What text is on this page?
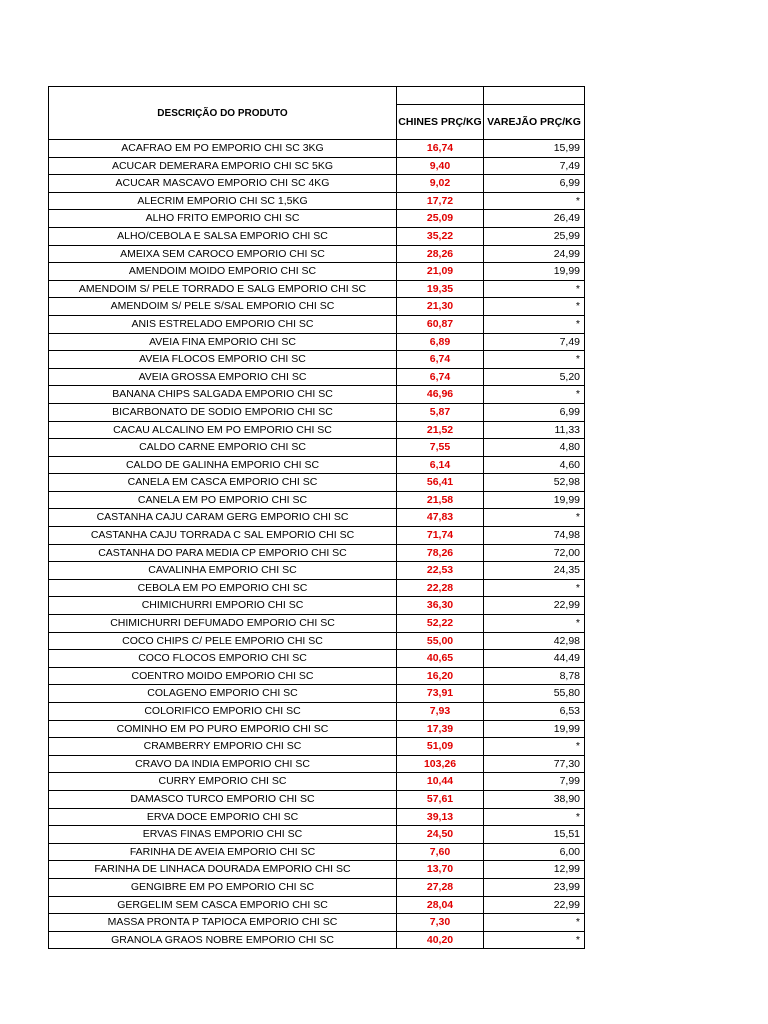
DESCRIÇÃO DO PRODUTO		
	CHINES PRÇ/KG	VAREJÃO PRÇ/KG
ACAFRAO EM PO EMPORIO CHI SC 3KG	16,74	15,99
ACUCAR DEMERARA EMPORIO CHI SC 5KG	9,40	7,49
ACUCAR MASCAVO EMPORIO CHI SC 4KG	9,02	6,99
ALECRIM EMPORIO CHI SC 1,5KG	17,72	*
ALHO FRITO EMPORIO CHI SC	25,09	26,49
ALHO/CEBOLA E SALSA EMPORIO CHI SC	35,22	25,99
AMEIXA SEM CAROCO EMPORIO CHI SC	28,26	24,99
AMENDOIM MOIDO EMPORIO CHI SC	21,09	19,99
AMENDOIM S/ PELE TORRADO E SALG EMPORIO CHI SC	19,35	*
AMENDOIM S/ PELE S/SAL EMPORIO CHI SC	21,30	*
ANIS ESTRELADO EMPORIO CHI SC	60,87	*
AVEIA FINA EMPORIO CHI SC	6,89	7,49
AVEIA FLOCOS EMPORIO CHI SC	6,74	*
AVEIA GROSSA EMPORIO CHI SC	6,74	5,20
BANANA CHIPS SALGADA EMPORIO CHI SC	46,96	*
BICARBONATO DE SODIO EMPORIO CHI SC	5,87	6,99
CACAU ALCALINO EM PO EMPORIO CHI SC	21,52	11,33
CALDO CARNE EMPORIO CHI SC	7,55	4,80
CALDO DE GALINHA EMPORIO CHI SC	6,14	4,60
CANELA EM CASCA EMPORIO CHI SC	56,41	52,98
CANELA EM PO EMPORIO CHI SC	21,58	19,99
CASTANHA CAJU CARAM GERG EMPORIO CHI SC	47,83	*
CASTANHA CAJU TORRADA C SAL EMPORIO CHI SC	71,74	74,98
CASTANHA DO PARA MEDIA CP EMPORIO CHI SC	78,26	72,00
CAVALINHA EMPORIO CHI SC	22,53	24,35
CEBOLA EM PO EMPORIO CHI SC	22,28	*
CHIMICHURRI EMPORIO CHI SC	36,30	22,99
CHIMICHURRI DEFUMADO EMPORIO CHI SC	52,22	*
COCO CHIPS C/ PELE EMPORIO CHI SC	55,00	42,98
COCO FLOCOS EMPORIO CHI SC	40,65	44,49
COENTRO MOIDO EMPORIO CHI SC	16,20	8,78
COLAGENO EMPORIO CHI SC	73,91	55,80
COLORIFICO EMPORIO CHI SC	7,93	6,53
COMINHO EM PO PURO EMPORIO CHI SC	17,39	19,99
CRAMBERRY EMPORIO CHI SC	51,09	*
CRAVO DA INDIA EMPORIO CHI SC	103,26	77,30
CURRY EMPORIO CHI SC	10,44	7,99
DAMASCO TURCO EMPORIO CHI SC	57,61	38,90
ERVA DOCE EMPORIO CHI SC	39,13	*
ERVAS FINAS EMPORIO CHI SC	24,50	15,51
FARINHA DE AVEIA EMPORIO CHI SC	7,60	6,00
FARINHA DE LINHACA DOURADA EMPORIO CHI SC	13,70	12,99
GENGIBRE EM PO EMPORIO CHI SC	27,28	23,99
GERGELIM SEM CASCA EMPORIO CHI SC	28,04	22,99
MASSA PRONTA P TAPIOCA EMPORIO CHI SC	7,30	*
GRANOLA GRAOS NOBRE EMPORIO CHI SC	40,20	*
